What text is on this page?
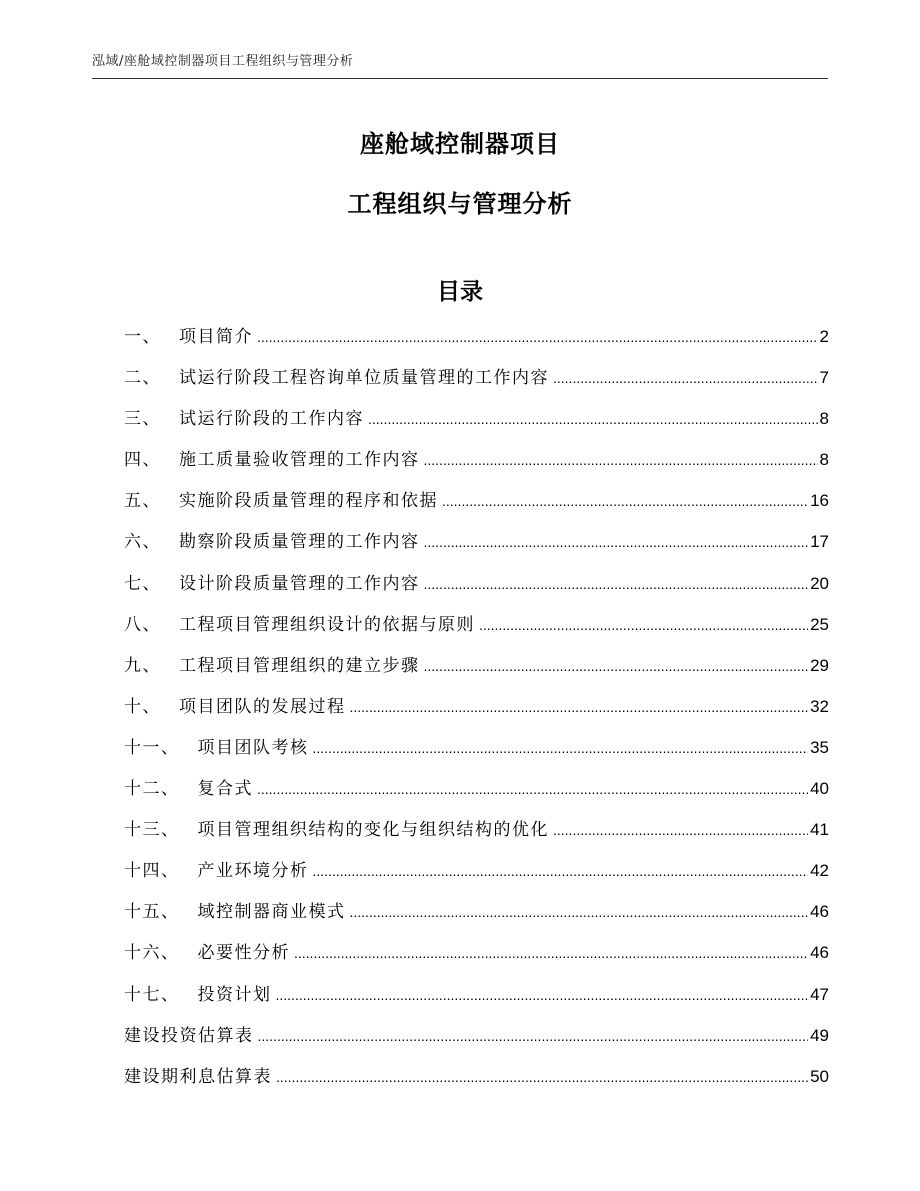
泓域/座舱域控制器项目工程组织与管理分析
座舱域控制器项目
工程组织与管理分析
目录
一、 项目简介 .....	2
二、 试运行阶段工程咨询单位质量管理的工作内容 .....	7
三、 试运行阶段的工作内容 .....	8
四、 施工质量验收管理的工作内容 .....	8
五、 实施阶段质量管理的程序和依据 .....	16
六、 勘察阶段质量管理的工作内容 .....	17
七、 设计阶段质量管理的工作内容 .....	20
八、 工程项目管理组织设计的依据与原则 .....	25
九、 工程项目管理组织的建立步骤 .....	29
十、 项目团队的发展过程 .....	32
十一、 项目团队考核 .....	35
十二、 复合式 .....	40
十三、 项目管理组织结构的变化与组织结构的优化 .....	41
十四、 产业环境分析 .....	42
十五、 域控制器商业模式 .....	46
十六、 必要性分析 .....	46
十七、 投资计划 .....	47
建设投资估算表 .....	49
建设期利息估算表 .....	50
